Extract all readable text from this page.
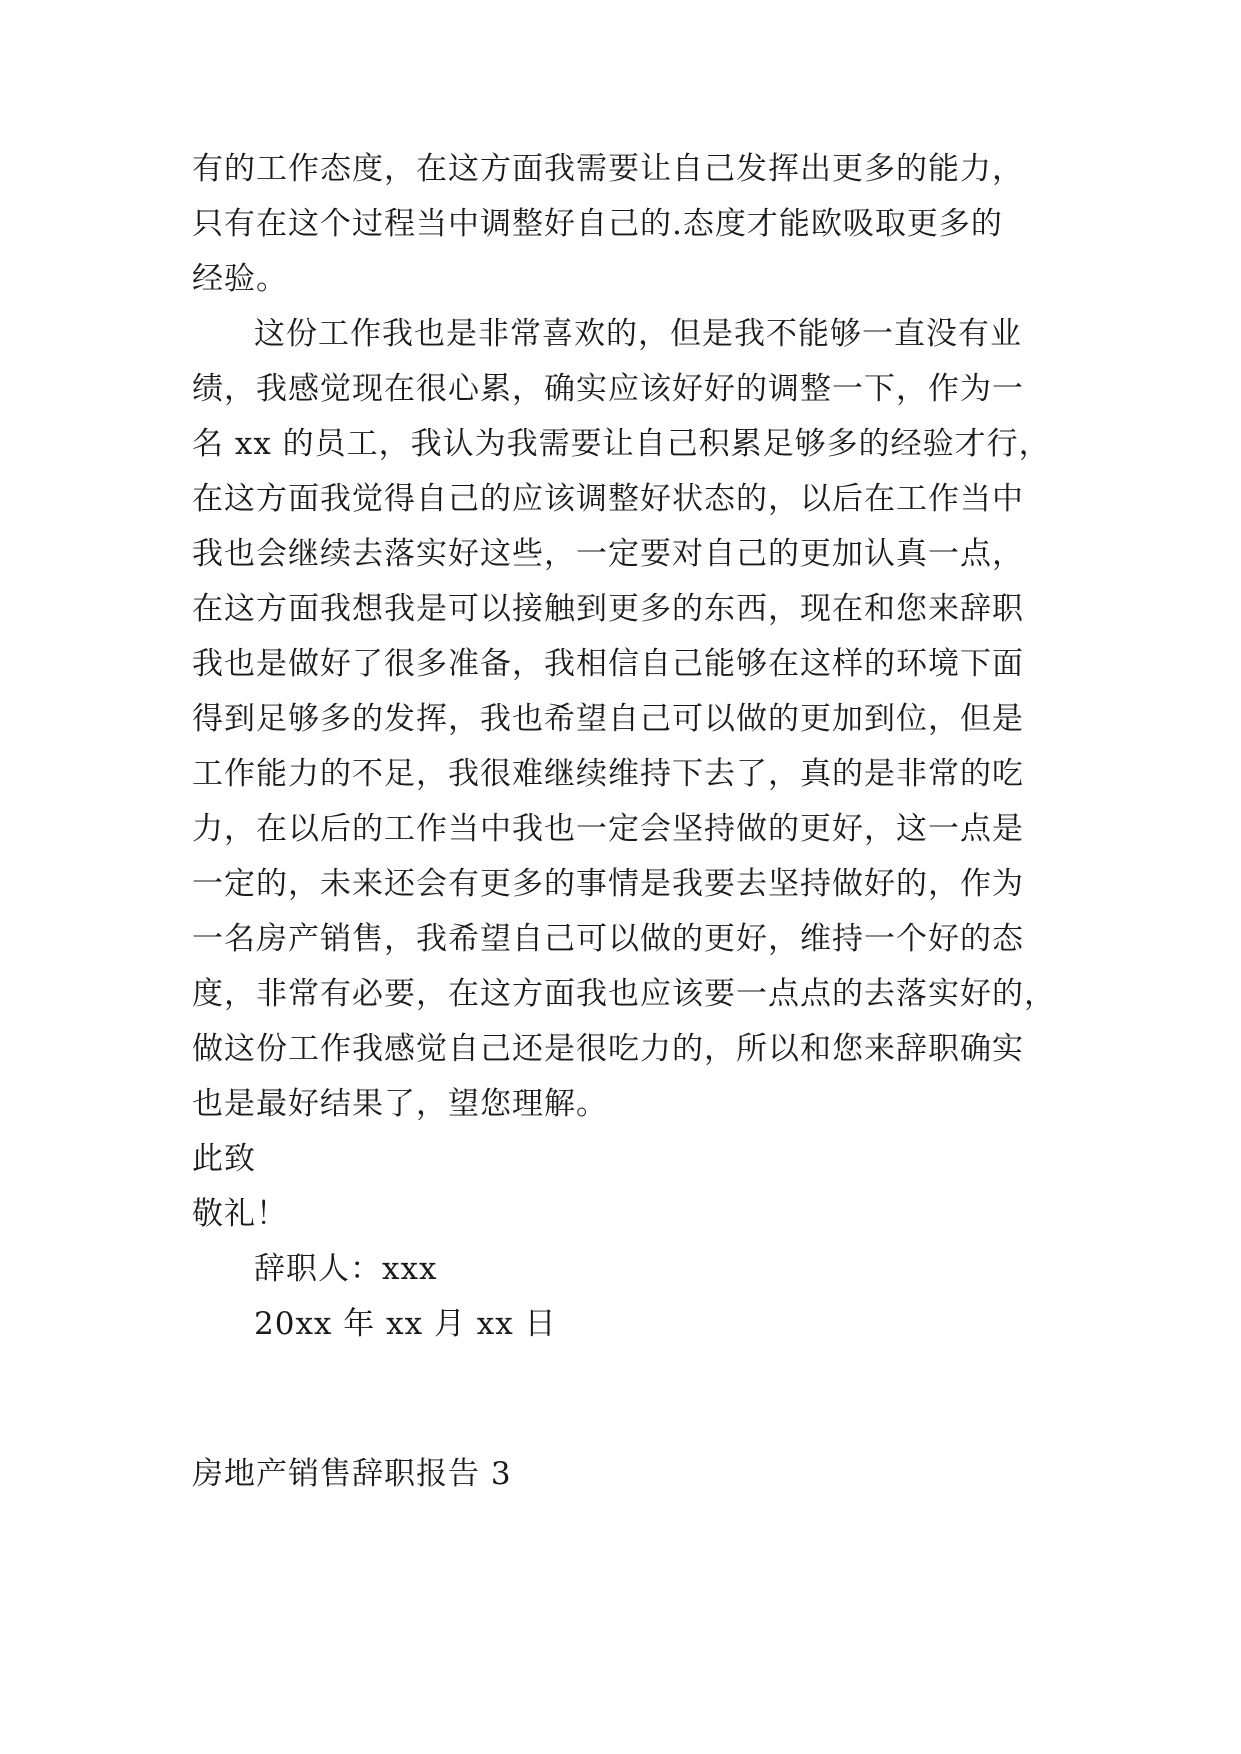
有的工作态度，在这方面我需要让自己发挥出更多的能力，
只有在这个过程当中调整好自己的.态度才能欧吸取更多的
经验。
这份工作我也是非常喜欢的，但是我不能够一直没有业
绩，我感觉现在很心累，确实应该好好的调整一下，作为一
名 xx 的员工，我认为我需要让自己积累足够多的经验才行，
在这方面我觉得自己的应该调整好状态的，以后在工作当中
我也会继续去落实好这些，一定要对自己的更加认真一点，
在这方面我想我是可以接触到更多的东西，现在和您来辞职
我也是做好了很多准备，我相信自己能够在这样的环境下面
得到足够多的发挥，我也希望自己可以做的更加到位，但是
工作能力的不足，我很难继续维持下去了，真的是非常的吃
力，在以后的工作当中我也一定会坚持做的更好，这一点是
一定的，未来还会有更多的事情是我要去坚持做好的，作为
一名房产销售，我希望自己可以做的更好，维持一个好的态
度，非常有必要，在这方面我也应该要一点点的去落实好的，
做这份工作我感觉自己还是很吃力的，所以和您来辞职确实
也是最好结果了，望您理解。
此致
敬礼！
辞职人：xxx
20xx 年 xx 月 xx 日
房地产销售辞职报告 3
